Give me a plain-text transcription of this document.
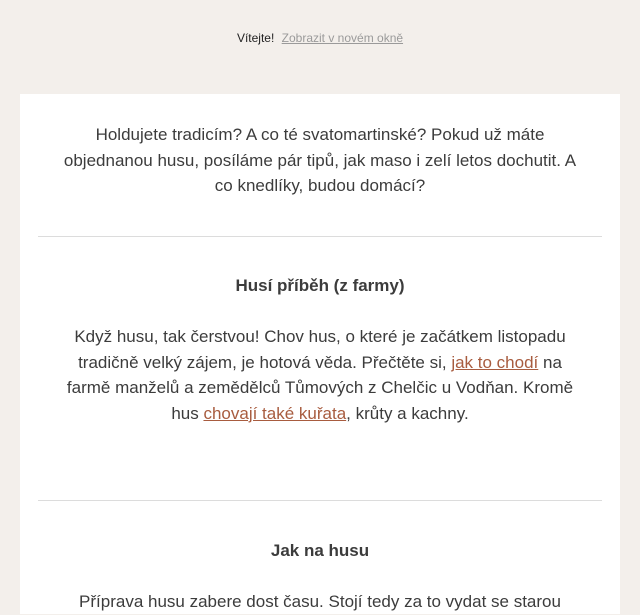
Vítejte! Zobrazit v novém okně
Holdujete tradicím? A co té svatomartinské? Pokud už máte objednanou husu, posíláme pár tipů, jak maso i zelí letos dochutit. A co knedlíky, budou domácí?
Husí příběh (z farmy)
Když husu, tak čerstvou! Chov hus, o které je začátkem listopadu tradičně velký zájem, je hotová věda. Přečtěte si, jak to chodí na farmě manželů a zemědělců Tůmových z Chelčic u Vodňan. Kromě hus chovají také kuřata, krůty a kachny.
Jak na husu
Příprava husu zabere dost času. Stojí tedy za to vydat se starou
